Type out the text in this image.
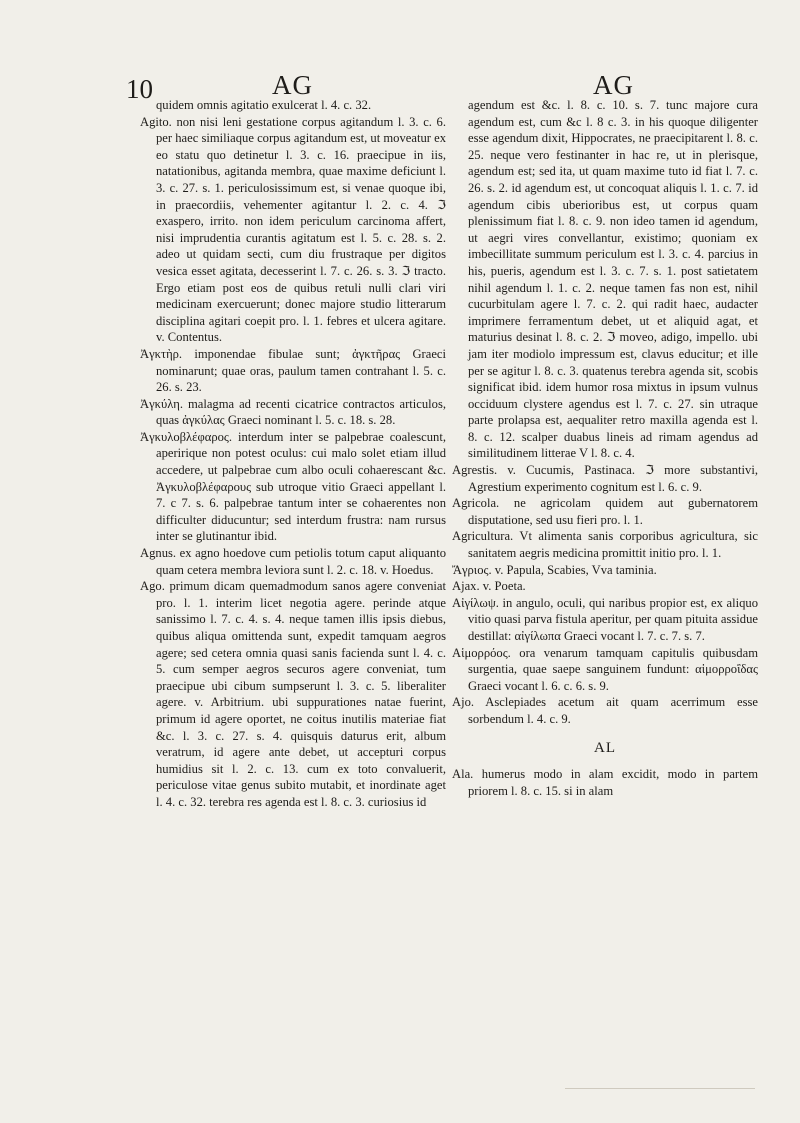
10	AG	AG

quidem omnis agitatio exulcerat l. 4. c. 32.

Agito. non nisi leni gestatione corpus agitandum l. 3. c. 6. per haec similiaque corpus agitandum est, ut moveatur ex eo statu quo detinetur l. 3. c. 16. praecipue in iis, natationibus, agitanda membra, quae maxime deficiunt l. 3. c. 27. s. 1. periculosissimum est, si venae quoque ibi, in praecordiis, vehementer agitantur l. 2. c. 4. ℑ exaspero, irrito. non idem periculum carcinoma affert, nisi imprudentia curantis agitatum est l. 5. c. 28. s. 2. adeo ut quidam secti, cum diu frustraque per digitos vesica esset agitata, decesserint l. 7. c. 26. s. 3. ℑ tracto. Ergo etiam post eos de quibus retuli nulli clari viri medicinam exercuerunt; donec majore studio litterarum disciplina agitari coepit pro. l. 1. febres et ulcera agitare. v. Contentus.

Ἀγκτὴρ. imponendae fibulae sunt; ἀγκτῆρας Graeci nominarunt; quae oras, paulum tamen contrahant l. 5. c. 26. s. 23.

Ἀγκύλη. malagma ad recenti cicatrice contractos articulos, quas ἀγκύλας Graeci nominant l. 5. c. 18. s. 28.

Ἀγκυλοβλέφαρος. interdum inter se palpebrae coalescunt, aperirique non potest oculus: cui malo solet etiam illud accedere, ut palpebrae cum albo oculi cohaerescant &c. Ἀγκυλοβλέφαρους sub utroque vitio Graeci appellant l. 7. c 7. s. 6. palpebrae tantum inter se cohaerentes non difficulter diducuntur; sed interdum frustra: nam rursus inter se glutinantur ibid.

Agnus. ex agno hoedove cum petiolis totum caput aliquanto quam cetera membra leviora sunt l. 2. c. 18. v. Hoedus.

Ago. primum dicam quemadmodum sanos agere conveniat pro. l. 1. interim licet negotia agere. perinde atque sanissimo l. 7. c. 4. s. 4. neque tamen illis ipsis diebus, quibus aliqua omittenda sunt, expedit tamquam aegros agere; sed cetera omnia quasi sanis facienda sunt l. 4. c. 5. cum semper aegros securos agere conveniat, tum praecipue ubi cibum sumpserunt l. 3. c. 5. liberaliter agere. v. Arbitrium. ubi suppurationes natae fuerint, primum id agere oportet, ne coitus inutilis materiae fiat &c. l. 3. c. 27. s. 4. quisquis daturus erit, album veratrum, id agere ante debet, ut accepturi corpus humidius sit l. 2. c. 13. cum ex toto convaluerit, periculose vitae genus subito mutabit, et inordinate aget l. 4. c. 32. terebra res agenda est l. 8. c. 3. curiosius id

agendum est &c. l. 8. c. 10. s. 7. tunc majore cura agendum est, cum &c l. 8 c. 3. in his quoque diligenter esse agendum dixit, Hippocrates, ne praecipitarent l. 8. c. 25. neque vero festinanter in hac re, ut in plerisque, agendum est; sed ita, ut quam maxime tuto id fiat l. 7. c. 26. s. 2. id agendum est, ut concoquat aliquis l. 1. c. 7. id agendum cibis uberioribus est, ut corpus quam plenissimum fiat l. 8. c. 9. non ideo tamen id agendum, ut aegri vires convellantur, existimo; quoniam ex imbecillitate summum periculum est l. 3. c. 4. parcius in his, pueris, agendum est l. 3. c. 7. s. 1. post satietatem nihil agendum l. 1. c. 2. neque tamen fas non est, nihil cucurbitulam agere l. 7. c. 2. qui radit haec, audacter imprimere ferramentum debet, ut et aliquid agat, et maturius desinat l. 8. c. 2. ℑ moveo, adigo, impello. ubi jam iter modiolo impressum est, clavus educitur; et ille per se agitur l. 8. c. 3. quatenus terebra agenda sit, scobis significat ibid. idem humor rosa mixtus in ipsum vulnus occiduum clystere agendus est l. 7. c. 27. sin utraque parte prolapsa est, aequaliter retro maxilla agenda est l. 8. c. 12. scalper duabus lineis ad rimam agendus ad similitudinem litterae V l. 8. c. 4.

Agrestis. v. Cucumis, Pastinaca. ℑ more substantivi, Agrestium experimento cognitum est l. 6. c. 9.

Agricola. ne agricolam quidem aut gubernatorem disputatione, sed usu fieri pro. l. 1.

Agricultura. Vt alimenta sanis corporibus agricultura, sic sanitatem aegris medicina promittit initio pro. l. 1.

Ἄγριος. v. Papula, Scabies, Vva taminia.

Ajax. v. Poeta.

Αἰγίλωψ. in angulo, oculi, qui naribus propior est, ex aliquo vitio quasi parva fistula aperitur, per quam pituita assidue destillat: αἰγίλωπα Graeci vocant l. 7. c. 7. s. 7.

Αἱμορρόος. ora venarum tamquam capitulis quibusdam surgentia, quae saepe sanguinem fundunt: αἱμορροΐδας Graeci vocant l. 6. c. 6. s. 9.

Ajo. Asclepiades acetum ait quam acerrimum esse sorbendum l. 4. c. 9.

AL

Ala. humerus modo in alam excidit, modo in partem priorem l. 8. c. 15. si in alam
